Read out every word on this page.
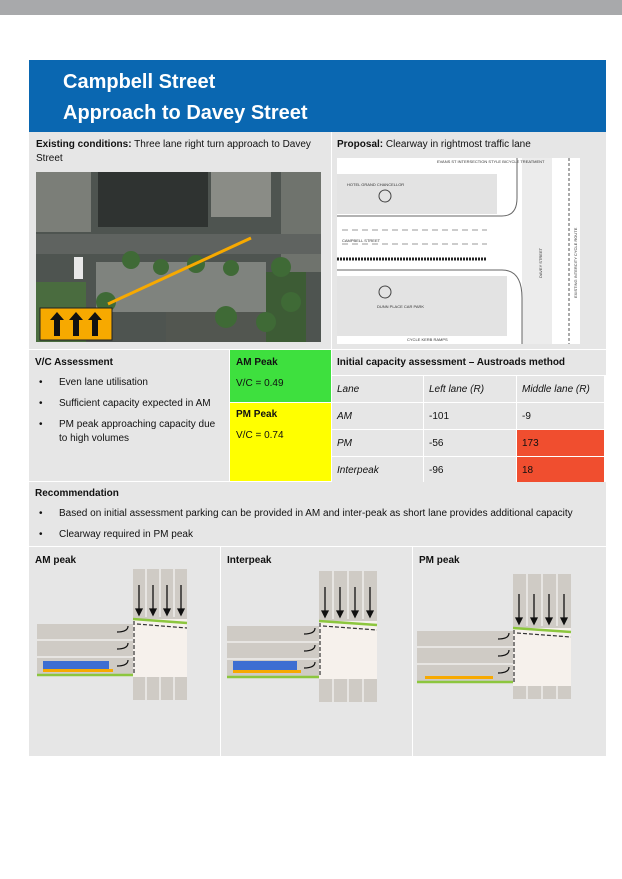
Campbell Street
Approach to Davey Street
Existing conditions: Three lane right turn approach to Davey Street
Proposal: Clearway in rightmost traffic lane
EVANS ST INTERSECTION STYLE BICYCLE TREATMENT
HOTEL GRAND CHANCELLOR
CAMPBELL STREET
DUNN PLACE CAR PARK
DAVEY STREET	EXISTING INTERCITY CYCLE ROUTE
CYCLE KERB RAMPS
V/C Assessment
• Even lane utilisation
• Sufficient capacity expected in AM
• PM peak approaching capacity due to high volumes
AM Peak
V/C = 0.49
PM Peak
V/C = 0.74
Initial capacity assessment – Austroads method
Lane	Left lane (R)	Middle lane (R)
AM	-101	-9
PM	-56	173
Interpeak	-96	18
Recommendation
• Based on initial assessment parking can be provided in AM and inter-peak as short lane provides additional capacity
• Clearway required in PM peak
AM peak	Interpeak	PM peak
